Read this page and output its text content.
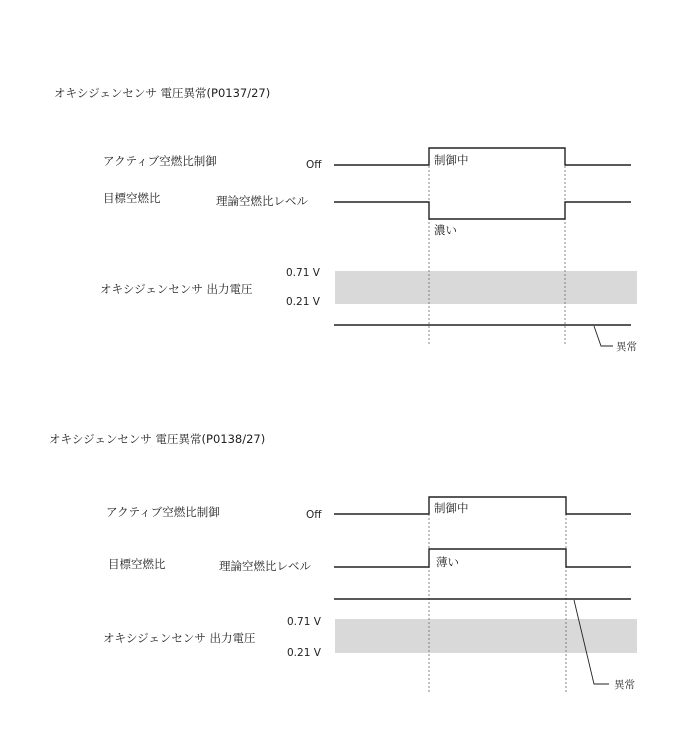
オキシジェンセンサ 電圧異常(P0137/27)
アクティブ空燃比制御	Off
目標空燃比	理論空燃比レベル
オキシジェンセンサ 出力電圧
0.71 V
0.21 V
制御中
濃い
異常
オキシジェンセンサ 電圧異常(P0138/27)
アクティブ空燃比制御	Off
目標空燃比	理論空燃比レベル
オキシジェンセンサ 出力電圧
0.71 V
0.21 V
制御中
薄い
異常
